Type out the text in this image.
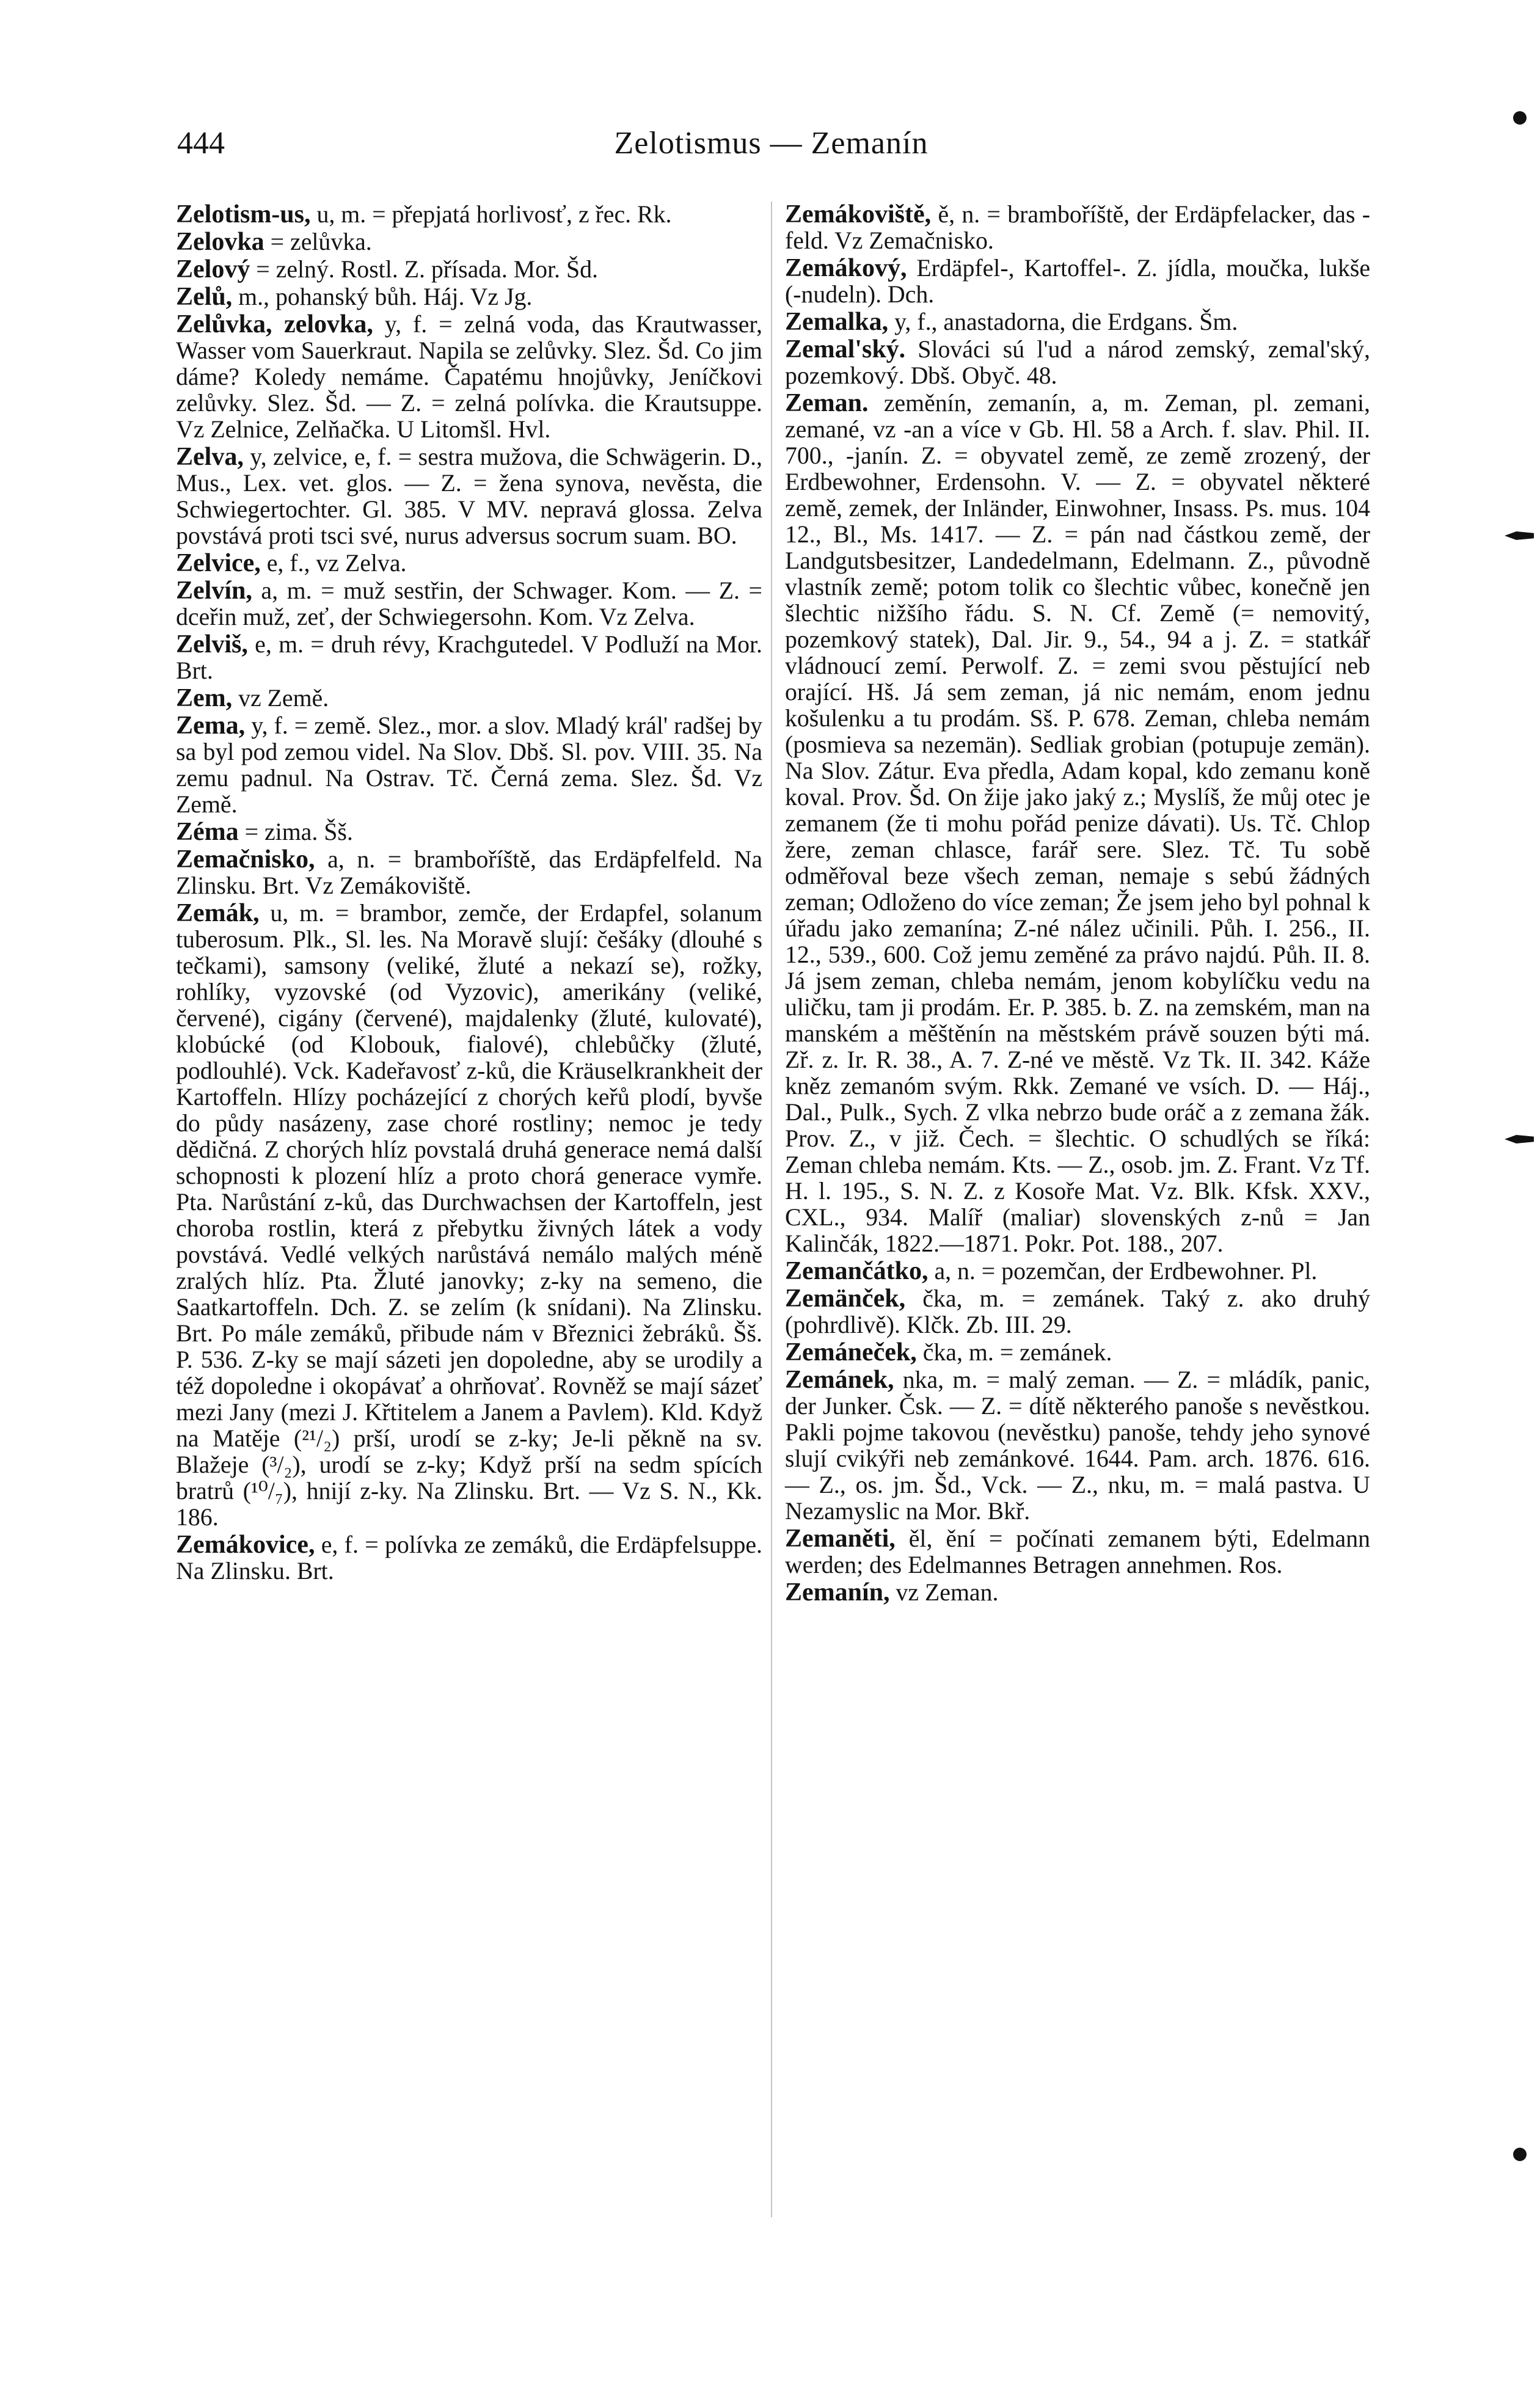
444	Zelotismus — Zemanín

Zelotism-us, u, m. = přepjatá horlivosť, z řec. Rk.

Zelovka = zelůvka.

Zelový = zelný. Rostl. Z. přísada. Mor. Šd.

Zelů, m., pohanský bůh. Háj. Vz Jg.

Zelůvka, zelovka, y, f. = zelná voda, das Krautwasser, Wasser vom Sauerkraut. Napila se zelůvky. Slez. Šd. Co jim dáme? Koledy nemáme. Čapatému hnojůvky, Jeníčkovi zelůvky. Slez. Šd. — Z. = zelná polívka. die Krautsuppe. Vz Zelnice, Zelňačka. U Litomšl. Hvl.

Zelva, y, zelvice, e, f. = sestra mužova, die Schwägerin. D., Mus., Lex. vet. glos. — Z. = žena synova, nevěsta, die Schwiegertochter. Gl. 385. V MV. nepravá glossa. Zelva povstává proti tsci své, nurus adversus socrum suam. BO.

Zelvice, e, f., vz Zelva.

Zelvín, a, m. = muž sestřin, der Schwager. Kom. — Z. = dceřin muž, zeť, der Schwiegersohn. Kom. Vz Zelva.

Zelviš, e, m. = druh révy, Krachgutedel. V Podluží na Mor. Brt.

Zem, vz Země.

Zema, y, f. = země. Slez., mor. a slov. Mladý král' radšej by sa byl pod zemou videl. Na Slov. Dbš. Sl. pov. VIII. 35. Na zemu padnul. Na Ostrav. Tč. Černá zema. Slez. Šd. Vz Země.

Zéma = zima. Šš.

Zemačnisko, a, n. = bramboříště, das Erdäpfelfeld. Na Zlinsku. Brt. Vz Zemákoviště.

Zemák, u, m. = brambor, zemče, der Erdapfel, solanum tuberosum. Plk., Sl. les. Na Moravě slují: češáky (dlouhé s tečkami), samsony (veliké, žluté a nekazí se), rožky, rohlíky, vyzovské (od Vyzovic), amerikány (veliké, červené), cigány (červené), majdalenky (žluté, kulovaté), klobúcké (od Klobouk, fialové), chlebůčky (žluté, podlouhlé). Vck. Kadeřavosť z-ků, die Kräuselkrankheit der Kartoffeln. Hlízy pocházející z chorých keřů plodí, byvše do půdy nasázeny, zase choré rostliny; nemoc je tedy dědičná. Z chorých hlíz povstalá druhá generace nemá další schopnosti k plození hlíz a proto chorá generace vymře. Pta. Narůstání z-ků, das Durchwachsen der Kartoffeln, jest choroba rostlin, která z přebytku živných látek a vody povstává. Vedlé velkých narůstává nemálo malých méně zralých hlíz. Pta. Žluté janovky; z-ky na semeno, die Saatkartoffeln. Dch. Z. se zelím (k snídani). Na Zlinsku. Brt. Po mále zemáků, přibude nám v Březnici žebráků. Šš. P. 536. Z-ky se mají sázeti jen dopoledne, aby se urodily a též dopoledne i okopávať a ohrňovať. Rovněž se mají sázeť mezi Jany (mezi J. Křtitelem a Janem a Pavlem). Kld. Když na Matěje (²¹/₂) prší, urodí se z-ky; Je-li pěkně na sv. Blažeje (³/₂), urodí se z-ky; Když prší na sedm spících bratrů (¹⁰/₇), hnijí z-ky. Na Zlinsku. Brt. — Vz S. N., Kk. 186.

Zemákovice, e, f. = polívka ze zemáků, die Erdäpfelsuppe. Na Zlinsku. Brt.

Zemákoviště, ě, n. = bramboříště, der Erdäpfelacker, das -feld. Vz Zemačnisko.

Zemákový, Erdäpfel-, Kartoffel-. Z. jídla, moučka, lukše (-nudeln). Dch.

Zemalka, y, f., anastadorna, die Erdgans. Šm.

Zemal'ský. Slováci sú l'ud a národ zemský, zemal'ský, pozemkový. Dbš. Obyč. 48.

Zeman. zeměnín, zemanín, a, m. Zeman, pl. zemani, zemané, vz -an a více v Gb. Hl. 58 a Arch. f. slav. Phil. II. 700., -janín. Z. = obyvatel země, ze země zrozený, der Erdbewohner, Erdensohn. V. — Z. = obyvatel některé země, zemek, der Inländer, Einwohner, Insass. Ps. mus. 104 12., Bl., Ms. 1417. — Z. = pán nad částkou země, der Landgutsbesitzer, Landedelmann, Edelmann. Z., původně vlastník země; potom tolik co šlechtic vůbec, konečně jen šlechtic nižšího řádu. S. N. Cf. Země (= nemovitý, pozemkový statek), Dal. Jir. 9., 54., 94 a j. Z. = statkář vládnoucí zemí. Perwolf. Z. = zemi svou pěstující neb orající. Hš. Já sem zeman, já nic nemám, enom jednu košulenku a tu prodám. Sš. P. 678. Zeman, chleba nemám (posmieva sa nezemän). Sedliak grobian (potupuje zemän). Na Slov. Zátur. Eva předla, Adam kopal, kdo zemanu koně koval. Prov. Šd. On žije jako jaký z.; Myslíš, že můj otec je zemanem (že ti mohu pořád penize dávati). Us. Tč. Chlop žere, zeman chlasce, farář sere. Slez. Tč. Tu sobě odměřoval beze všech zeman, nemaje s sebú žádných zeman; Odloženo do více zeman; Že jsem jeho byl pohnal k úřadu jako zemanína; Z-né nález učinili. Půh. I. 256., II. 12., 539., 600. Což jemu zeměné za právo najdú. Půh. II. 8. Já jsem zeman, chleba nemám, jenom kobylíčku vedu na uličku, tam ji prodám. Er. P. 385. b. Z. na zemském, man na manském a měštěnín na městském právě souzen býti má. Zř. z. Ir. R. 38., A. 7. Z-né ve městě. Vz Tk. II. 342. Káže kněz zemanóm svým. Rkk. Zemané ve vsích. D. — Háj., Dal., Pulk., Sych. Z vlka nebrzo bude oráč a z zemana žák. Prov. Z., v již. Čech. = šlechtic. O schudlých se říká: Zeman chleba nemám. Kts. — Z., osob. jm. Z. Frant. Vz Tf. H. l. 195., S. N. Z. z Kosoře Mat. Vz. Blk. Kfsk. XXV., CXL., 934. Malíř (maliar) slovenských z-nů = Jan Kalinčák, 1822.—1871. Pokr. Pot. 188., 207.

Zemančátko, a, n. = pozemčan, der Erdbewohner. Pl.

Zemänček, čka, m. = zemánek. Taký z. ako druhý (pohrdlivě). Klčk. Zb. III. 29.

Zemáneček, čka, m. = zemánek.

Zemánek, nka, m. = malý zeman. — Z. = mládík, panic, der Junker. Čsk. — Z. = dítě některého panoše s nevěstkou. Pakli pojme takovou (nevěstku) panoše, tehdy jeho synové slují cvikýři neb zemánkové. 1644. Pam. arch. 1876. 616. — Z., os. jm. Šd., Vck. — Z., nku, m. = malá pastva. U Nezamyslic na Mor. Bkř.

Zemaněti, ěl, ění = počínati zemanem býti, Edelmann werden; des Edelmannes Betragen annehmen. Ros.

Zemanín, vz Zeman.
